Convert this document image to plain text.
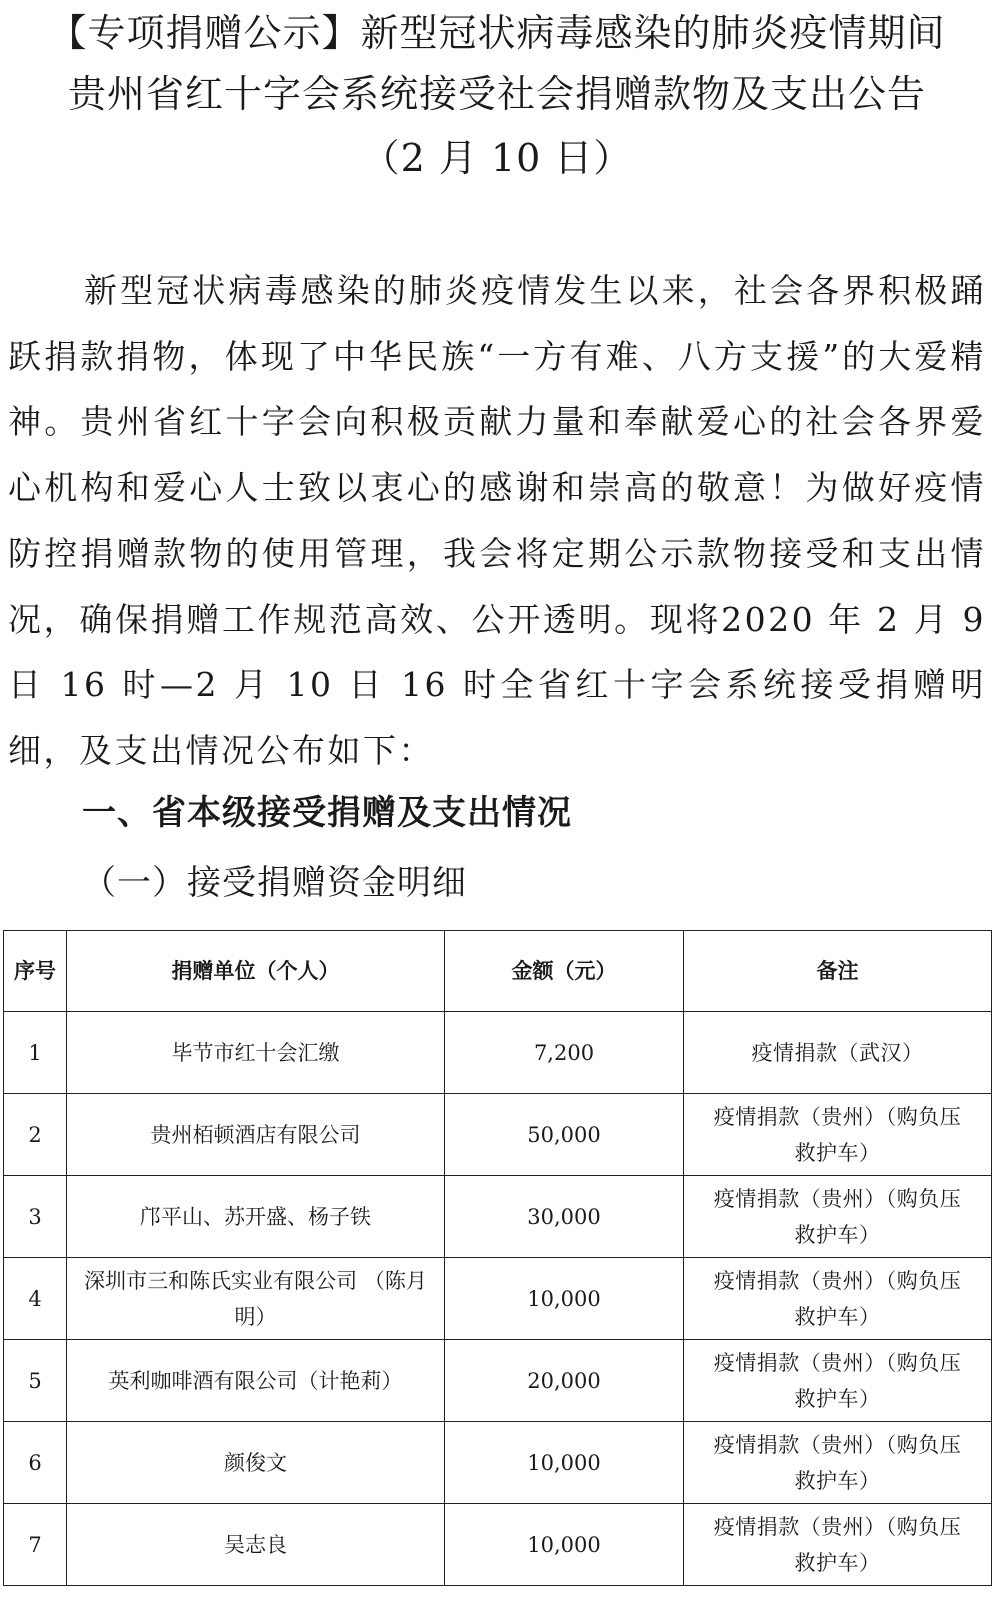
【专项捐赠公示】新型冠状病毒感染的肺炎疫情期间
贵州省红十字会系统接受社会捐赠款物及支出公告
（2 月 10 日）

新型冠状病毒感染的肺炎疫情发生以来，社会各界积极踊跃捐款捐物，体现了中华民族“一方有难、八方支援”的大爱精神。贵州省红十字会向积极贡献力量和奉献爱心的社会各界爱心机构和爱心人士致以衷心的感谢和崇高的敬意！为做好疫情防控捐赠款物的使用管理，我会将定期公示款物接受和支出情况，确保捐赠工作规范高效、公开透明。现将2020 年 2 月 9 日 16 时—2 月 10 日 16 时全省红十字会系统接受捐赠明细，及支出情况公布如下：

一、省本级接受捐赠及支出情况
（一）接受捐赠资金明细
序号	捐赠单位（个人）	金额（元）	备注
1	毕节市红十会汇缴	7,200	疫情捐款（武汉）

2	贵州栢顿酒店有限公司	50,000	疫情捐款（贵州）（购负压
救护车）

3	邝平山、苏开盛、杨子铁	30,000	疫情捐款（贵州）（购负压
救护车）

4	深圳市三和陈氏实业有限公司 （陈月明）	10,000	疫情捐款（贵州）（购负压
救护车）

5	英利咖啡酒有限公司（计艳莉）	20,000	疫情捐款（贵州）（购负压
救护车）

6	颜俊文	10,000	疫情捐款（贵州）（购负压
救护车）

7	吴志良	10,000	疫情捐款（贵州）（购负压
救护车）
